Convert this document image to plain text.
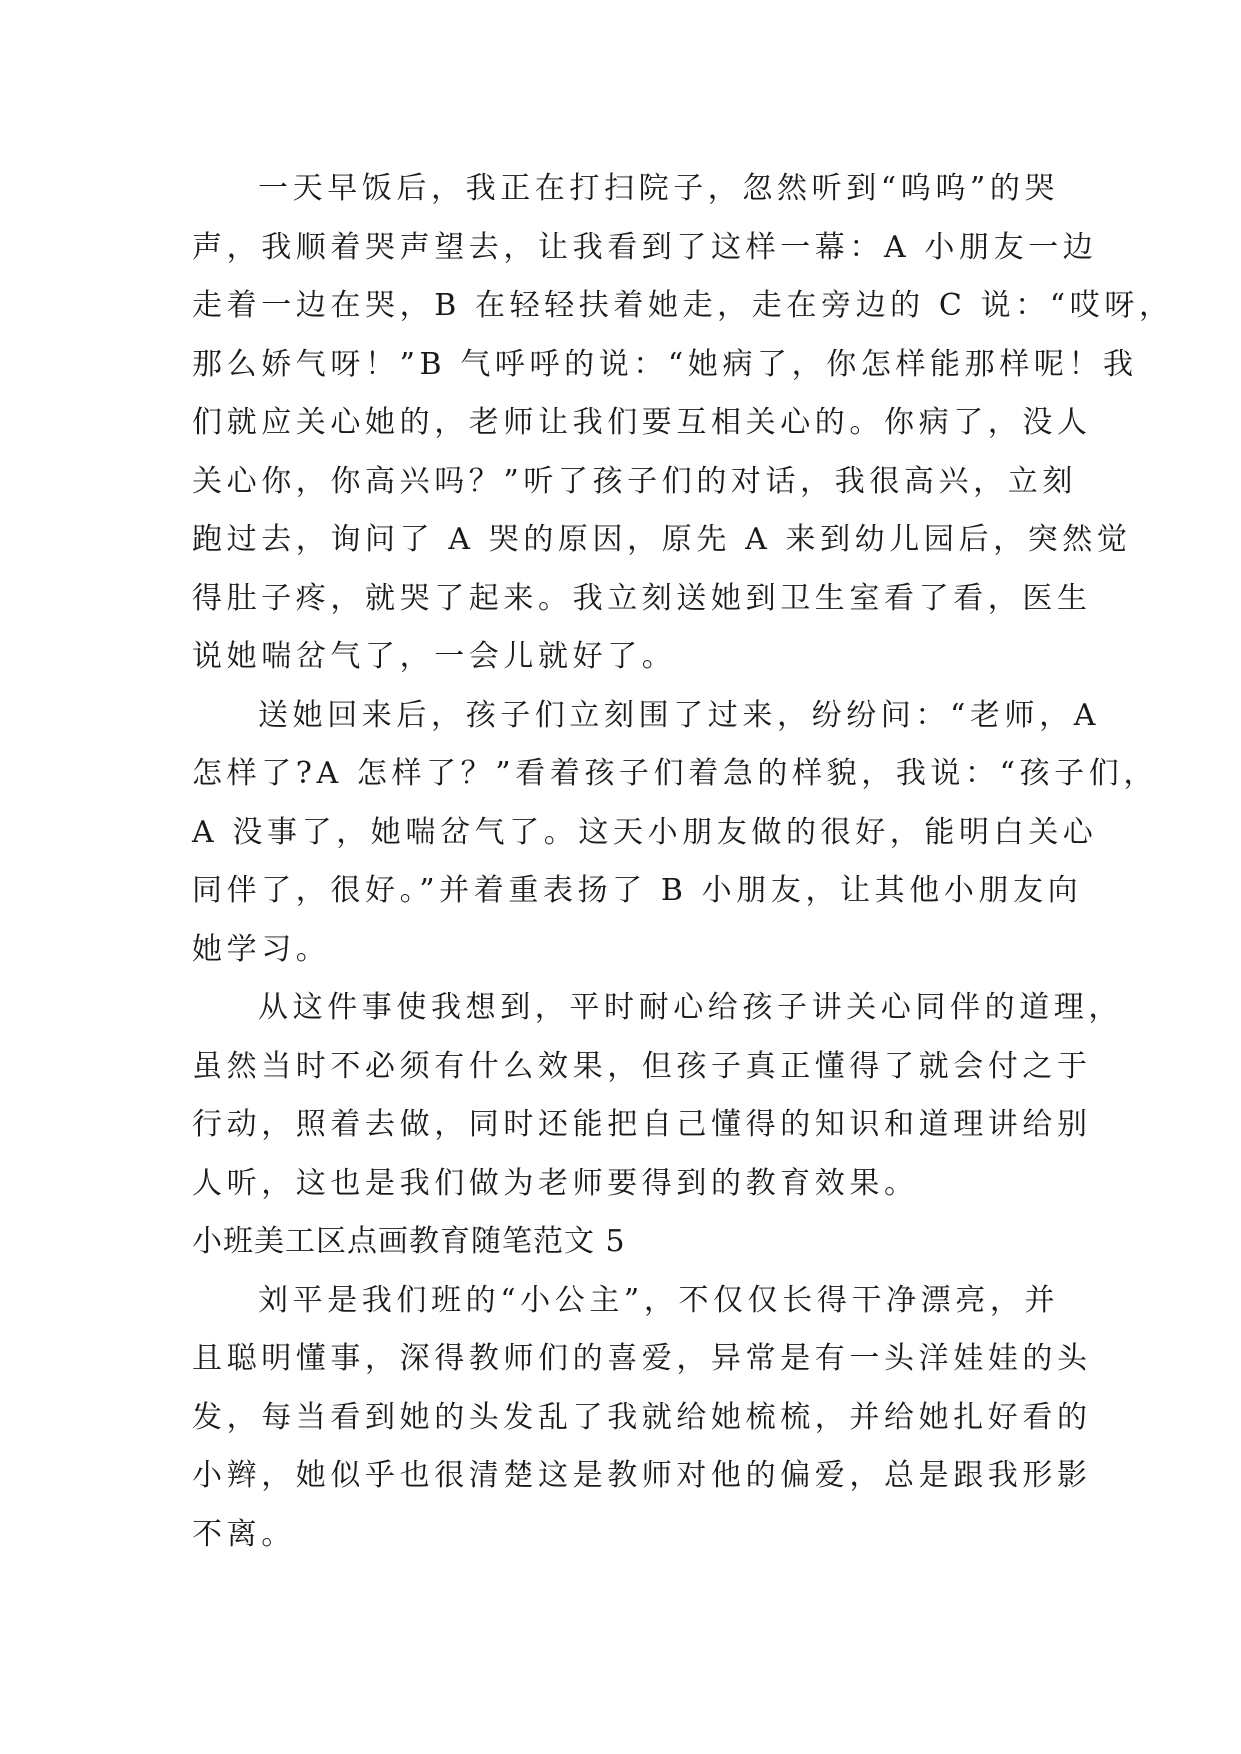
一天早饭后，我正在打扫院子，忽然听到“呜呜”的哭
声，我顺着哭声望去，让我看到了这样一幕：A 小朋友一边
走着一边在哭，B 在轻轻扶着她走，走在旁边的 C 说：“哎呀，
那么娇气呀！”B 气呼呼的说：“她病了，你怎样能那样呢！我
们就应关心她的，老师让我们要互相关心的。你病了，没人
关心你，你高兴吗？”听了孩子们的对话，我很高兴，立刻
跑过去，询问了 A 哭的原因，原先 A 来到幼儿园后，突然觉
得肚子疼，就哭了起来。我立刻送她到卫生室看了看，医生
说她喘岔气了，一会儿就好了。
送她回来后，孩子们立刻围了过来，纷纷问：“老师，A
怎样了?A 怎样了？”看着孩子们着急的样貌，我说：“孩子们，
A 没事了，她喘岔气了。这天小朋友做的很好，能明白关心
同伴了，很好。”并着重表扬了 B 小朋友，让其他小朋友向
她学习。
从这件事使我想到，平时耐心给孩子讲关心同伴的道理，
虽然当时不必须有什么效果，但孩子真正懂得了就会付之于
行动，照着去做，同时还能把自己懂得的知识和道理讲给别
人听，这也是我们做为老师要得到的教育效果。
小班美工区点画教育随笔范文 5
刘平是我们班的“小公主”，不仅仅长得干净漂亮，并
且聪明懂事，深得教师们的喜爱，异常是有一头洋娃娃的头
发，每当看到她的头发乱了我就给她梳梳，并给她扎好看的
小辫，她似乎也很清楚这是教师对他的偏爱，总是跟我形影
不离。
